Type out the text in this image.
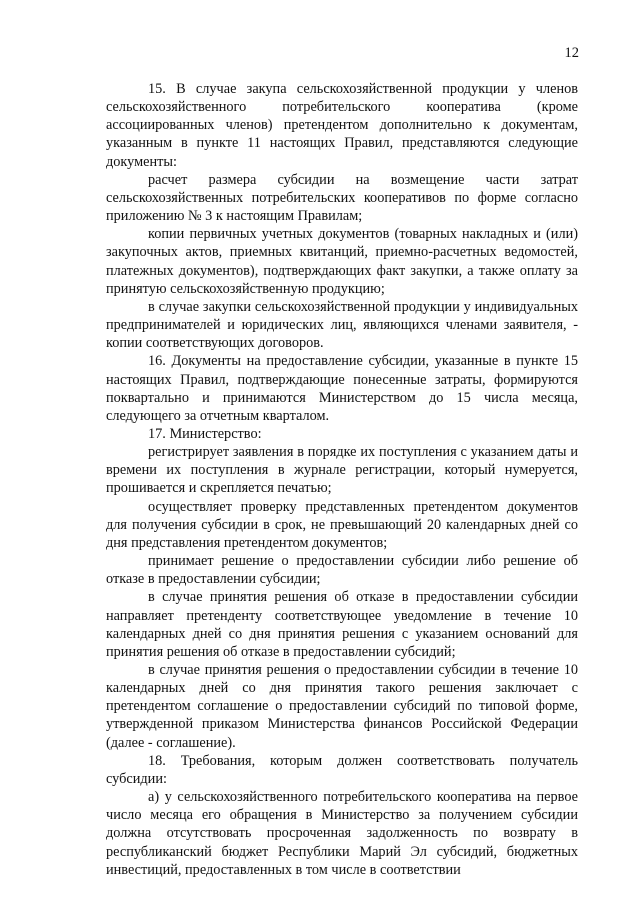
12

15. В случае закупа сельскохозяйственной продукции у членов сельскохозяйственного потребительского кооператива (кроме ассоциированных членов) претендентом дополнительно к документам, указанным в пункте 11 настоящих Правил, представляются следующие документы:

расчет размера субсидии на возмещение части затрат сельскохозяйственных потребительских кооперативов по форме согласно приложению № 3 к настоящим Правилам;

копии первичных учетных документов (товарных накладных и (или) закупочных актов, приемных квитанций, приемно-расчетных ведомостей, платежных документов), подтверждающих факт закупки, а также оплату за принятую сельскохозяйственную продукцию;

в случае закупки сельскохозяйственной продукции у индивидуальных предпринимателей и юридических лиц, являющихся членами заявителя, - копии соответствующих договоров.

16. Документы на предоставление субсидии, указанные в пункте 15 настоящих Правил, подтверждающие понесенные затраты, формируются поквартально и принимаются Министерством до 15 числа месяца, следующего за отчетным кварталом.

17. Министерство:

регистрирует заявления в порядке их поступления с указанием даты и времени их поступления в журнале регистрации, который нумеруется, прошивается и скрепляется печатью;

осуществляет проверку представленных претендентом документов для получения субсидии в срок, не превышающий 20 календарных дней со дня представления претендентом документов;

принимает решение о предоставлении субсидии либо решение об отказе в предоставлении субсидии;

в случае принятия решения об отказе в предоставлении субсидии направляет претенденту соответствующее уведомление в течение 10 календарных дней со дня принятия решения с указанием оснований для принятия решения об отказе в предоставлении субсидий;

в случае принятия решения о предоставлении субсидии в течение 10 календарных дней со дня принятия такого решения заключает с претендентом соглашение о предоставлении субсидий по типовой форме, утвержденной приказом Министерства финансов Российской Федерации (далее - соглашение).

18. Требования, которым должен соответствовать получатель субсидии:

а) у сельскохозяйственного потребительского кооператива на первое число месяца его обращения в Министерство за получением субсидии должна отсутствовать просроченная задолженность по возврату в республиканский бюджет Республики Марий Эл субсидий, бюджетных инвестиций, предоставленных в том числе в соответствии
